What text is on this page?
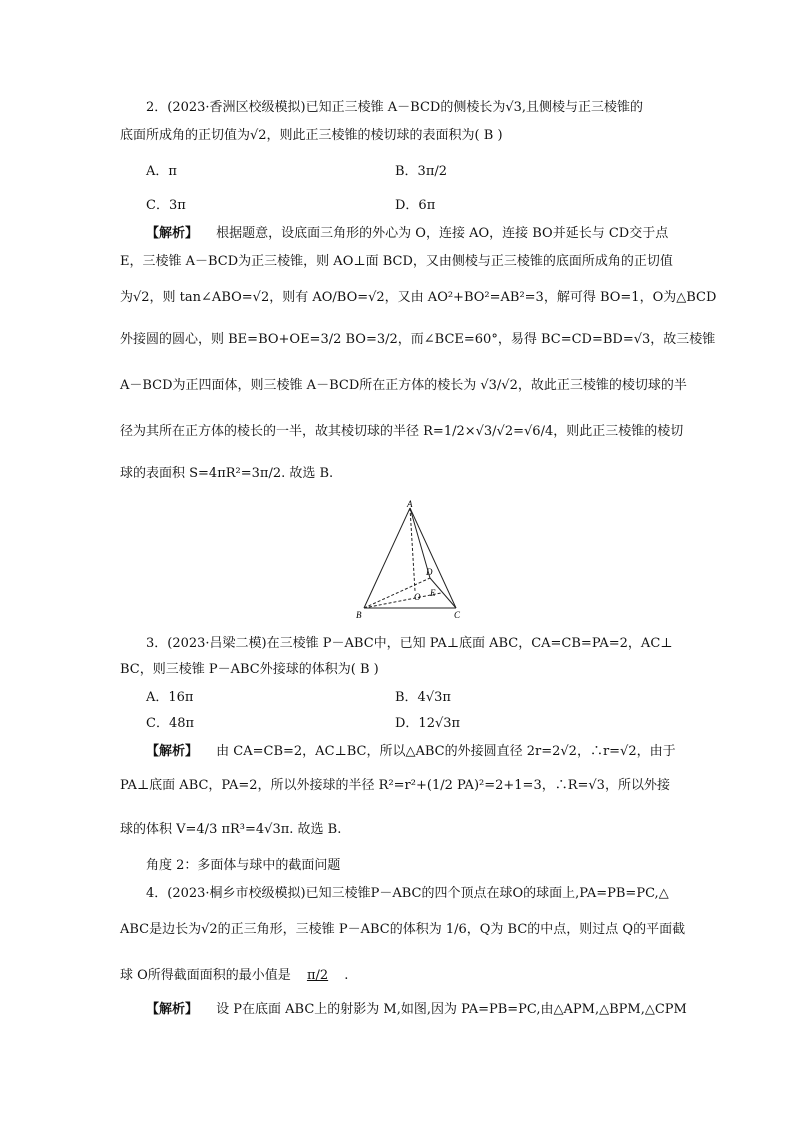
2．(2023·香洲区校级模拟)已知正三棱锥 A－BCD的侧棱长为√3,且侧棱与正三棱锥的
底面所成角的正切值为√2，则此正三棱锥的棱切球的表面积为( B )
A．π	B．3π/2
C．3π	D．6π
【解析】 根据题意，设底面三角形的外心为 O，连接 AO，连接 BO并延长与 CD交于点
E，三棱锥 A－BCD为正三棱锥，则 AO⊥面 BCD，又由侧棱与正三棱锥的底面所成角的正切值
为√2，则 tan∠ABO=√2，则有 AO/BO=√2，又由 AO²+BO²=AB²=3，解可得 BO=1，O为△BCD
外接圆的圆心，则 BE=BO+OE=3/2 BO=3/2，而∠BCE=60°，易得 BC=CD=BD=√3，故三棱锥
A－BCD为正四面体，则三棱锥 A－BCD所在正方体的棱长为 √3/√2，故此正三棱锥的棱切球的半
径为其所在正方体的棱长的一半，故其棱切球的半径 R=1/2×√3/√2=√6/4，则此正三棱锥的棱切
球的表面积 S=4πR²=3π/2. 故选 B.
A
B	C
D
O E
3．(2023·吕梁二模)在三棱锥 P－ABC中，已知 PA⊥底面 ABC，CA=CB=PA=2，AC⊥
BC，则三棱锥 P－ABC外接球的体积为( B )
A．16π	B．4√3π
C．48π	D．12√3π
【解析】 由 CA=CB=2，AC⊥BC，所以△ABC的外接圆直径 2r=2√2，∴r=√2，由于
PA⊥底面 ABC，PA=2，所以外接球的半径 R²=r²+(1/2 PA)²=2+1=3，∴R=√3，所以外接
球的体积 V=4/3 πR³=4√3π. 故选 B.
角度 2：多面体与球中的截面问题
4．(2023·桐乡市校级模拟)已知三棱锥P－ABC的四个顶点在球O的球面上,PA=PB=PC,△
ABC是边长为√2的正三角形，三棱锥 P－ABC的体积为 1/6，Q为 BC的中点，则过点 Q的平面截
球 O所得截面面积的最小值是 π/2 .
【解析】 设 P在底面 ABC上的射影为 M,如图,因为 PA=PB=PC,由△APM,△BPM,△CPM
